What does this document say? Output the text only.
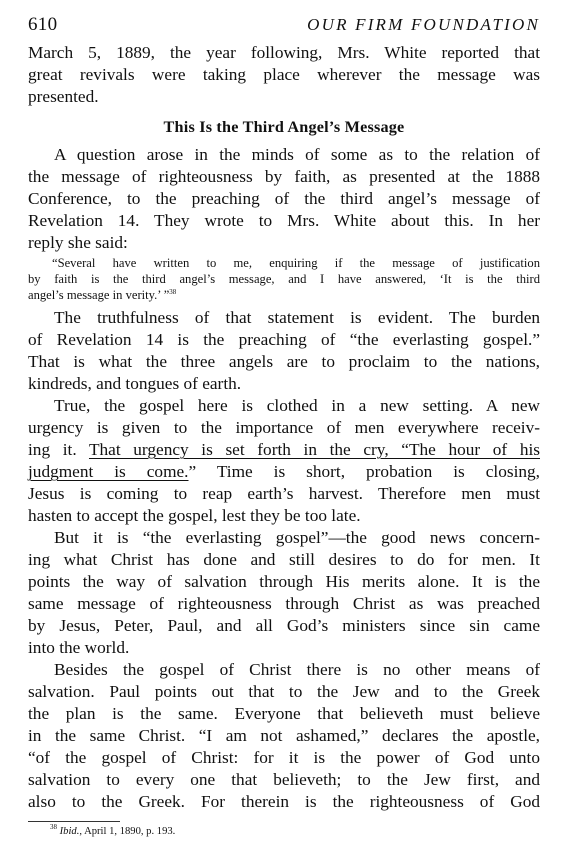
610	OUR FIRM FOUNDATION
March 5, 1889, the year following, Mrs. White reported that
great revivals were taking place wherever the message was
presented.
This Is the Third Angel’s Message
A question arose in the minds of some as to the relation of
the message of righteousness by faith, as presented at the 1888
Conference, to the preaching of the third angel’s message of
Revelation 14. They wrote to Mrs. White about this. In her
reply she said:
“Several have written to me, enquiring if the message of justification
by faith is the third angel’s message, and I have answered, ‘It is the third
angel’s message in verity.’ ”$^{38}$
The truthfulness of that statement is evident. The burden
of Revelation 14 is the preaching of “the everlasting gospel.”
That is what the three angels are to proclaim to the nations,
kindreds, and tongues of earth.
True, the gospel here is clothed in a new setting. A new
urgency is given to the importance of men everywhere receiv-
ing it. That urgency is set forth in the cry, “The hour of his
judgment is come.” Time is short, probation is closing,
Jesus is coming to reap earth’s harvest. Therefore men must
hasten to accept the gospel, lest they be too late.
But it is “the everlasting gospel”—the good news concern-
ing what Christ has done and still desires to do for men. It
points the way of salvation through His merits alone. It is the
same message of righteousness through Christ as was preached
by Jesus, Peter, Paul, and all God’s ministers since sin came
into the world.
Besides the gospel of Christ there is no other means of
salvation. Paul points out that to the Jew and to the Greek
the plan is the same. Everyone that believeth must believe
in the same Christ. “I am not ashamed,” declares the apostle,
“of the gospel of Christ: for it is the power of God unto
salvation to every one that believeth; to the Jew first, and
also to the Greek. For therein is the righteousness of God
$^{38}$ Ibid., April 1, 1890, p. 193.
